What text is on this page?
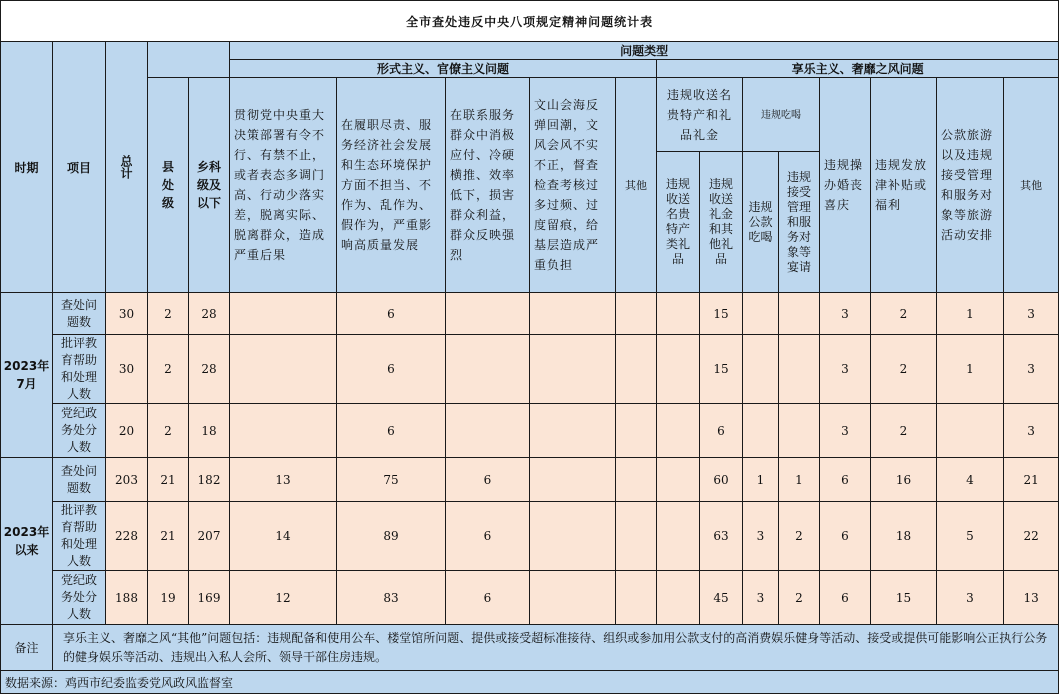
全市查处违反中央八项规定精神问题统计表																	
时期	项目	总计			问题类型												
					形式主义、官僚主义问题					享乐主义、奢靡之风问题							
			县处级	乡科级及以下	贯彻党中央重大决策部署有令不行、有禁不止，或者表态多调门高、行动少落实差，脱离实际、脱离群众，造成严重后果	在履职尽责、服务经济社会发展和生态环境保护方面不担当、不作为、乱作为、假作为，严重影响高质量发展	在联系服务群众中消极应付、冷硬横推、效率低下，损害群众利益，群众反映强烈	文山会海反弹回潮，文风会风不实不正，督查检查考核过多过频、过度留痕，给基层造成严重负担	其他	违规收送名贵特产和礼品礼金		违规吃喝		违规操办婚丧喜庆	违规发放津补贴或福利	公款旅游以及违规接受管理和服务对象等旅游活动安排	其他
										违规收送名贵特产类礼品	违规收送礼金和其他礼品	违规公款吃喝	违规接受管理和服务对象等宴请				
2023年7月	查处问题数	30	2	28		6					15			3	2	1	3
	批评教育帮助和处理人数	30	2	28		6					15			3	2	1	3
	党纪政务处分人数	20	2	18		6					6			3	2		3
2023年以来	查处问题数	203	21	182	13	75	6				60	1	1	6	16	4	21
	批评教育帮助和处理人数	228	21	207	14	89	6				63	3	2	6	18	5	22
	党纪政务处分人数	188	19	169	12	83	6				45	3	2	6	15	3	13
备注	享乐主义、奢靡之风“其他”问题包括：违规配备和使用公车、楼堂馆所问题、提供或接受超标准接待、组织或参加用公款支付的高消费娱乐健身等活动、接受或提供可能影响公正执行公务的健身娱乐等活动、违规出入私人会所、领导干部住房违规。																
数据来源：鸡西市纪委监委党风政风监督室																	
